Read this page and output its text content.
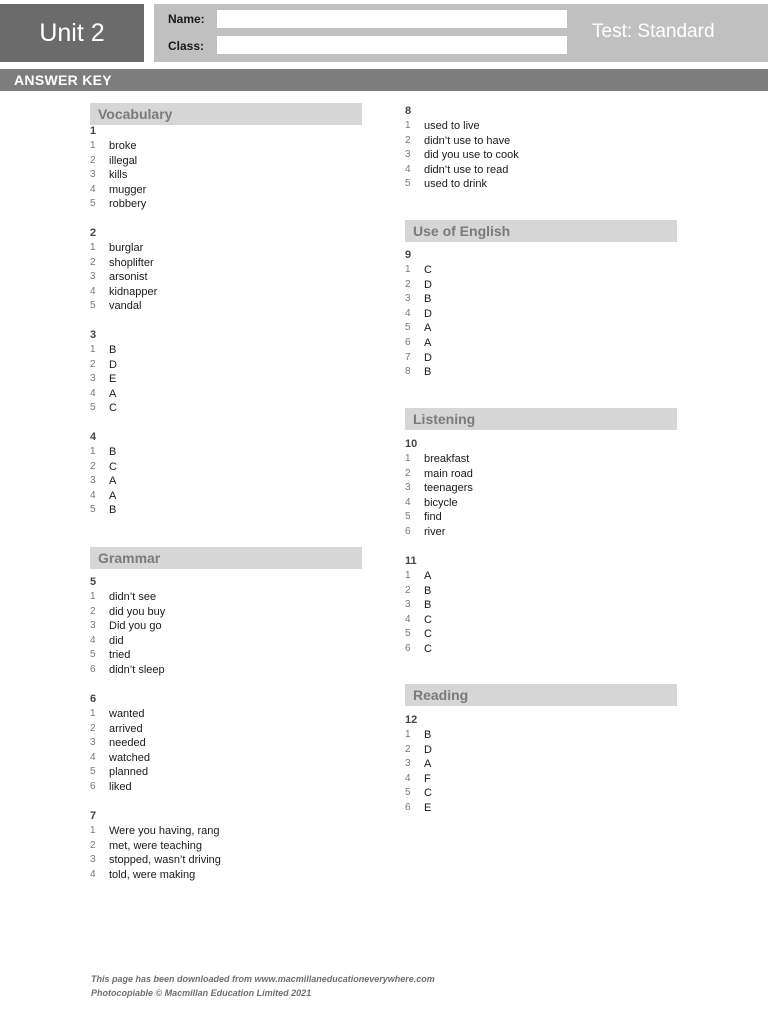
Unit 2	Name:
Class:
Test: Standard
ANSWER KEY
Vocabulary
1
1	broke
2	illegal
3	kills
4	mugger
5	robbery
2
1	burglar
2	shoplifter
3	arsonist
4	kidnapper
5	vandal
3
1	B
2	D
3	E
4	A
5	C
4
1	B
2	C
3	A
4	A
5	B
Grammar
5
1	didn’t see
2	did you buy
3	Did you go
4	did
5	tried
6	didn’t sleep
6
1	wanted
2	arrived
3	needed
4	watched
5	planned
6	liked
7
1	Were you having, rang
2	met, were teaching
3	stopped, wasn’t driving
4	told, were making
8
1	used to live
2	didn’t use to have
3	did you use to cook
4	didn’t use to read
5	used to drink
Use of English
9
1	C
2	D
3	B
4	D
5	A
6	A
7	D
8	B
Listening
10
1	breakfast
2	main road
3	teenagers
4	bicycle
5	find
6	river
11
1	A
2	B
3	B
4	C
5	C
6	C
Reading
12
1	B
2	D
3	A
4	F
5	C
6	E
This page has been downloaded from www.macmillaneducationeverywhere.com
Photocopiable © Macmillan Education Limited 2021
